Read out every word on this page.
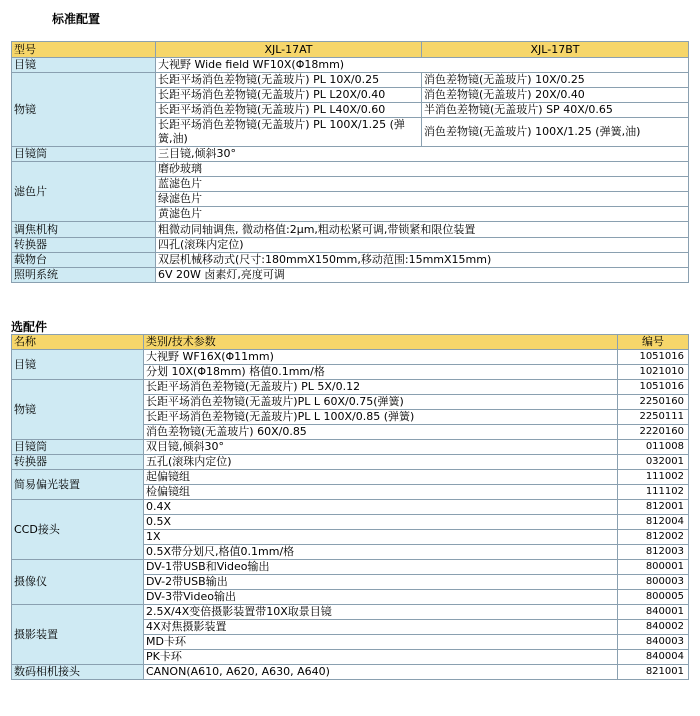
标准配置
型号	XJL-17AT	XJL-17BT
目镜	大视野 Wide field WF10X(Φ18mm)	
物镜	长距平场消色差物镜(无盖玻片) PL 10X/0.25	消色差物镜(无盖玻片) 10X/0.25
	长距平场消色差物镜(无盖玻片) PL L20X/0.40	消色差物镜(无盖玻片) 20X/0.40
	长距平场消色差物镜(无盖玻片) PL L40X/0.60	半消色差物镜(无盖玻片) SP 40X/0.65
	长距平场消色差物镜(无盖玻片) PL 100X/1.25 (弹簧,油)	消色差物镜(无盖玻片) 100X/1.25 (弹簧,油)
目镜筒	三目镜,倾斜30°	
滤色片	磨砂玻璃	
	蓝滤色片	
	绿滤色片	
	黄滤色片	
调焦机构	粗微动同轴调焦, 微动格值:2μm,粗动松紧可调,带锁紧和限位装置	
转换器	四孔(滚珠内定位)	
载物台	双层机械移动式(尺寸:180mmX150mm,移动范围:15mmX15mm)	
照明系统	6V 20W 卤素灯,亮度可调	
选配件
名称	类别/技术参数	编号
目镜	大视野 WF16X(Φ11mm)	1051016
	分划 10X(Φ18mm) 格值0.1mm/格	1021010
物镜	长距平场消色差物镜(无盖玻片) PL 5X/0.12	1051016
	长距平场消色差物镜(无盖玻片)PL L 60X/0.75(弹簧)	2250160
	长距平场消色差物镜(无盖玻片)PL L 100X/0.85 (弹簧)	2250111
	消色差物镜(无盖玻片) 60X/0.85	2220160
目镜筒	双目镜,倾斜30°	011008
转换器	五孔(滚珠内定位)	032001
简易偏光装置	起偏镜组	111002
	检偏镜组	111102
CCD接头	0.4X	812001
	0.5X	812004
	1X	812002
	0.5X带分划尺,格值0.1mm/格	812003
摄像仪	DV-1带USB和Video输出	800001
	DV-2带USB输出	800003
	DV-3带Video输出	800005
摄影装置	2.5X/4X变倍摄影装置带10X取景目镜	840001
	4X对焦摄影装置	840002
	MD卡环	840003
	PK卡环	840004
数码相机接头	CANON(A610, A620, A630, A640)	821001
